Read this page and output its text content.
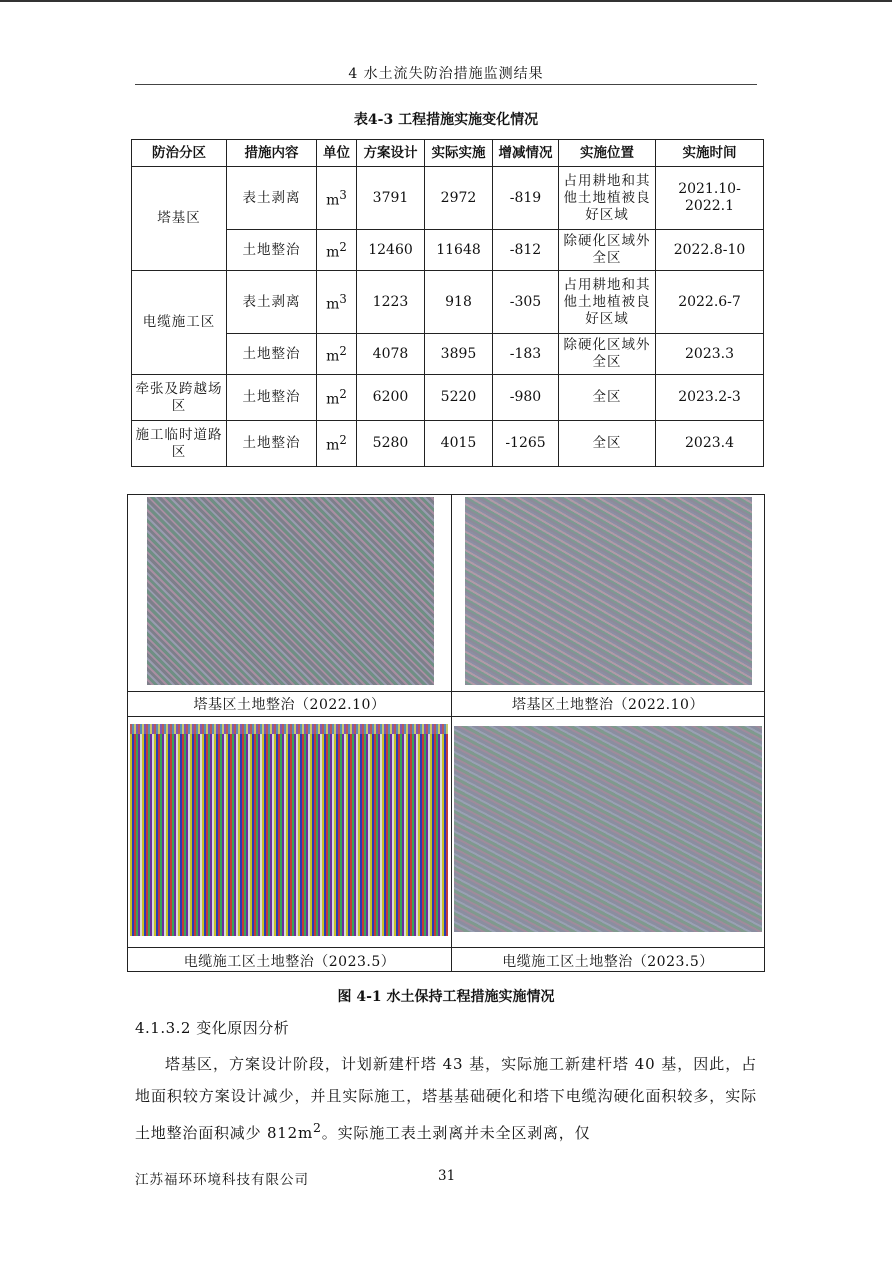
4 水土流失防治措施监测结果
表4-3 工程措施实施变化情况
防治分区	措施内容	单位	方案设计	实际实施	增减情况	实施位置	实施时间
塔基区	表土剥离	$m^3$	3791	2972	-819	占用耕地和其他土地植被良好区域	2021.10-2022.1
	土地整治	$m^2$	12460	11648	-812	除硬化区域外全区	2022.8-10
电缆施工区	表土剥离	$m^3$	1223	918	-305	占用耕地和其他土地植被良好区域	2022.6-7
	土地整治	$m^2$	4078	3895	-183	除硬化区域外全区	2023.3
牵张及跨越场区	土地整治	$m^2$	6200	5220	-980	全区	2023.2-3
施工临时道路区	土地整治	$m^2$	5280	4015	-1265	全区	2023.4
塔基区土地整治（2022.10）	塔基区土地整治（2022.10）
电缆施工区土地整治（2023.5）	电缆施工区土地整治（2023.5）
图 4-1 水土保持工程措施实施情况
4.1.3.2 变化原因分析
塔基区，方案设计阶段，计划新建杆塔 43 基，实际施工新建杆塔 40 基，因此，占地面积较方案设计减少，并且实际施工，塔基基础硬化和塔下电缆沟硬化面积较多，实际土地整治面积减少 $812m^2$。实际施工表土剥离并未全区剥离，仅
江苏福环环境科技有限公司	31
